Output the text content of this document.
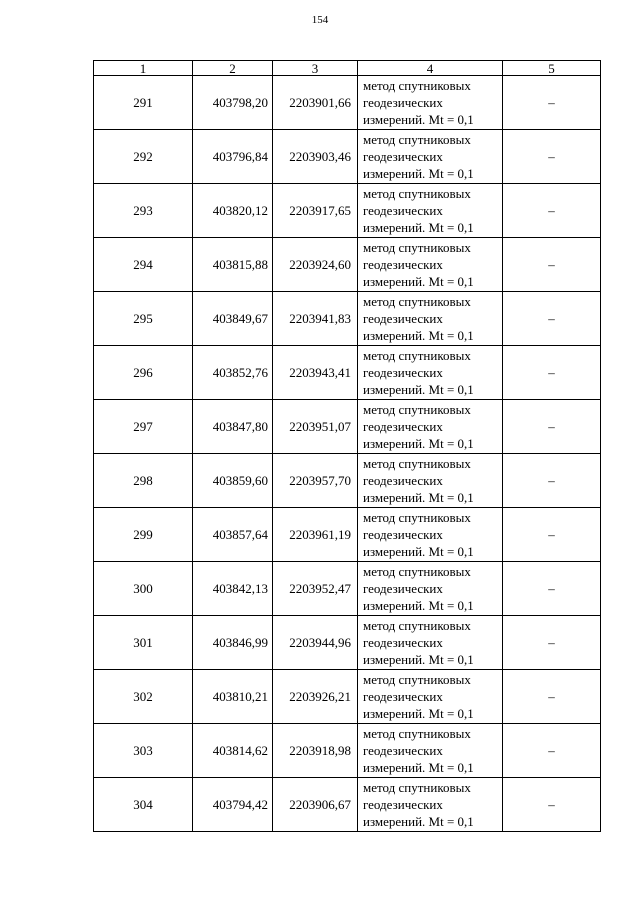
154
1	2	3	4	5
291	403798,20	2203901,66	метод спутниковых
геодезических
измерений. Mt = 0,1	–
292	403796,84	2203903,46	метод спутниковых
геодезических
измерений. Mt = 0,1	–
293	403820,12	2203917,65	метод спутниковых
геодезических
измерений. Mt = 0,1	–
294	403815,88	2203924,60	метод спутниковых
геодезических
измерений. Mt = 0,1	–
295	403849,67	2203941,83	метод спутниковых
геодезических
измерений. Mt = 0,1	–
296	403852,76	2203943,41	метод спутниковых
геодезических
измерений. Mt = 0,1	–
297	403847,80	2203951,07	метод спутниковых
геодезических
измерений. Mt = 0,1	–
298	403859,60	2203957,70	метод спутниковых
геодезических
измерений. Mt = 0,1	–
299	403857,64	2203961,19	метод спутниковых
геодезических
измерений. Mt = 0,1	–
300	403842,13	2203952,47	метод спутниковых
геодезических
измерений. Mt = 0,1	–
301	403846,99	2203944,96	метод спутниковых
геодезических
измерений. Mt = 0,1	–
302	403810,21	2203926,21	метод спутниковых
геодезических
измерений. Mt = 0,1	–
303	403814,62	2203918,98	метод спутниковых
геодезических
измерений. Mt = 0,1	–
304	403794,42	2203906,67	метод спутниковых
геодезических
измерений. Mt = 0,1	–
